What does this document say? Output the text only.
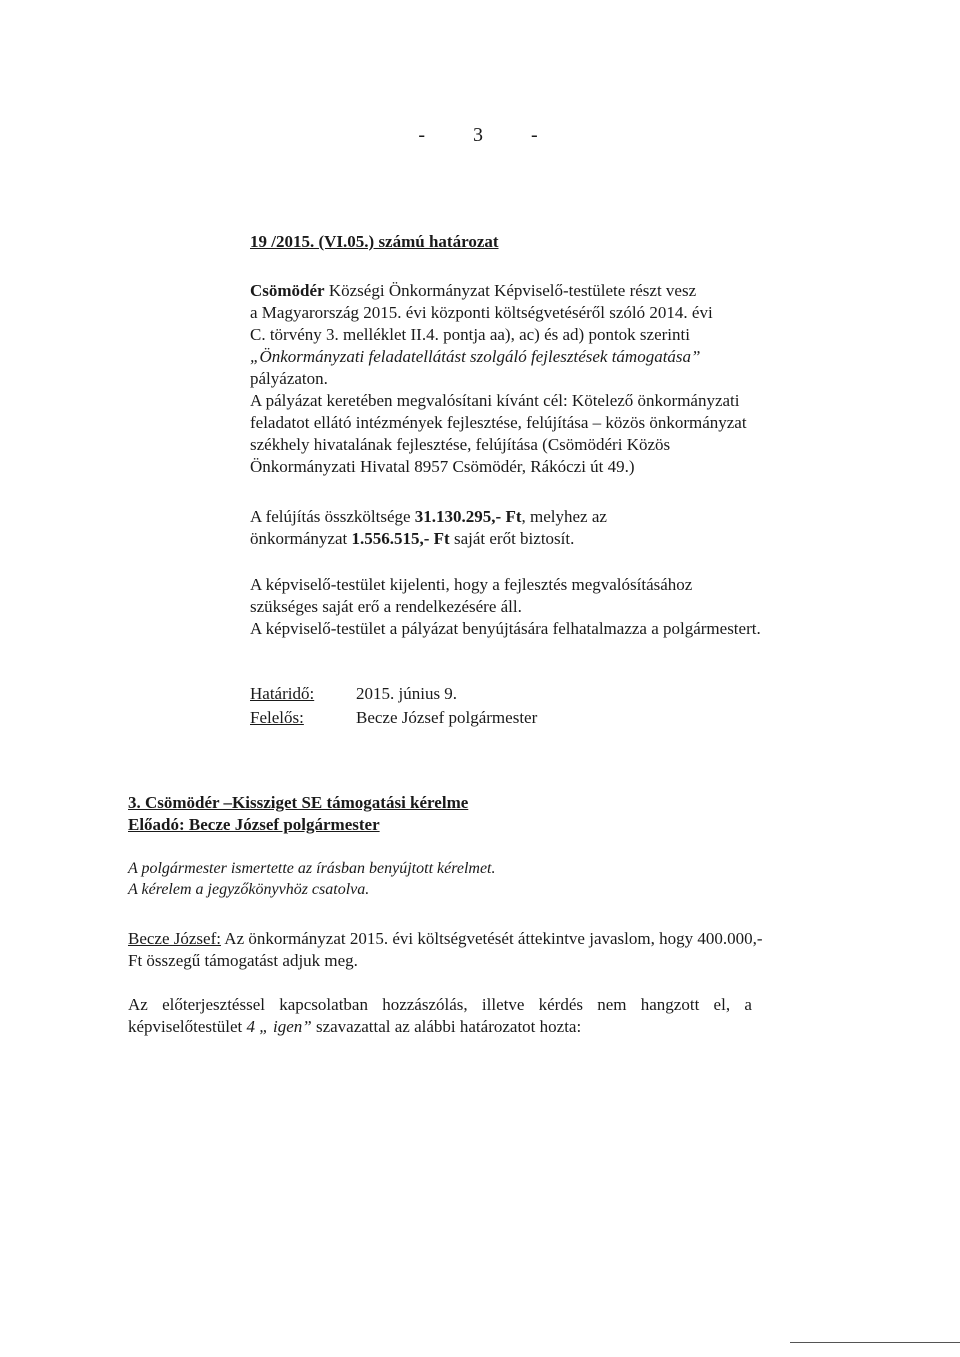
- 3 -
19 /2015. (VI.05.) számú határozat
Csömödér Községi Önkormányzat Képviselő-testülete részt vesz
a Magyarország 2015. évi központi költségvetéséről szóló 2014. évi
C. törvény 3. melléklet II.4. pontja aa), ac) és ad) pontok szerinti
„Önkormányzati feladatellátást szolgáló fejlesztések támogatása”
pályázaton.
A pályázat keretében megvalósítani kívánt cél: Kötelező önkormányzati
feladatot ellátó intézmények fejlesztése, felújítása – közös önkormányzat
székhely hivatalának fejlesztése, felújítása (Csömödéri Közös
Önkormányzati Hivatal 8957 Csömödér, Rákóczi út 49.)
A felújítás összköltsége 31.130.295,- Ft, melyhez az
önkormányzat 1.556.515,- Ft saját erőt biztosít.
A képviselő-testület kijelenti, hogy a fejlesztés megvalósításához
szükséges saját erő a rendelkezésére áll.
A képviselő-testület a pályázat benyújtására felhatalmazza a polgármestert.
Határidő:	2015. június 9.
Felelős:	Becze József polgármester
3. Csömödér –Kissziget SE támogatási kérelme
Előadó: Becze József polgármester
A polgármester ismertette az írásban benyújtott kérelmet.
A kérelem a jegyzőkönyvhöz csatolva.
Becze József: Az önkormányzat 2015. évi költségvetését áttekintve javaslom, hogy 400.000,-
Ft összegű támogatást adjuk meg.
Az előterjesztéssel kapcsolatban hozzászólás, illetve kérdés nem hangzott el, a
képviselőtestület 4 „ igen” szavazattal az alábbi határozatot hozta:
